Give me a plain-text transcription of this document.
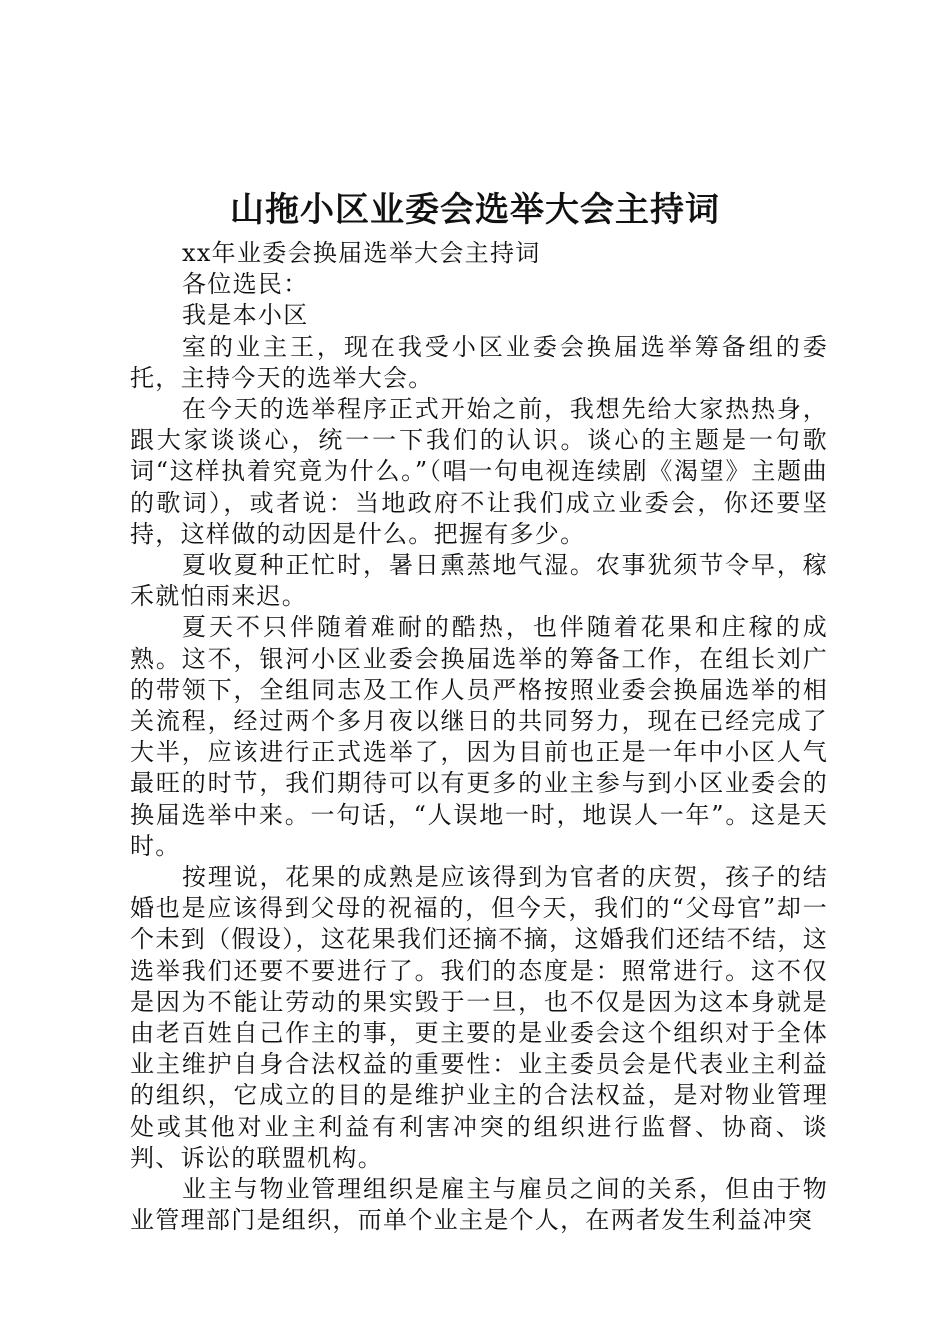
山拖小区业委会选举大会主持词

xx年业委会换届选举大会主持词

各位选民：

我是本小区

室的业主王，现在我受小区业委会换届选举筹备组的委托，主持今天的选举大会。

在今天的选举程序正式开始之前，我想先给大家热热身，跟大家谈谈心，统一一下我们的认识。谈心的主题是一句歌词“这样执着究竟为什么。”（唱一句电视连续剧《渴望》主题曲的歌词），或者说：当地政府不让我们成立业委会，你还要坚持，这样做的动因是什么。把握有多少。

夏收夏种正忙时，暑日熏蒸地气湿。农事犹须节令早，稼禾就怕雨来迟。

夏天不只伴随着难耐的酷热，也伴随着花果和庄稼的成熟。这不，银河小区业委会换届选举的筹备工作，在组长刘广的带领下，全组同志及工作人员严格按照业委会换届选举的相关流程，经过两个多月夜以继日的共同努力，现在已经完成了大半，应该进行正式选举了，因为目前也正是一年中小区人气最旺的时节，我们期待可以有更多的业主参与到小区业委会的换届选举中来。一句话，“人误地一时，地误人一年”。这是天时。

按理说，花果的成熟是应该得到为官者的庆贺，孩子的结婚也是应该得到父母的祝福的，但今天，我们的“父母官”却一个未到（假设），这花果我们还摘不摘，这婚我们还结不结，这选举我们还要不要进行了。我们的态度是：照常进行。这不仅是因为不能让劳动的果实毁于一旦，也不仅是因为这本身就是由老百姓自己作主的事，更主要的是业委会这个组织对于全体业主维护自身合法权益的重要性：业主委员会是代表业主利益的组织，它成立的目的是维护业主的合法权益，是对物业管理处或其他对业主利益有利害冲突的组织进行监督、协商、谈判、诉讼的联盟机构。

业主与物业管理组织是雇主与雇员之间的关系，但由于物业管理部门是组织，而单个业主是个人，在两者发生利益冲突
